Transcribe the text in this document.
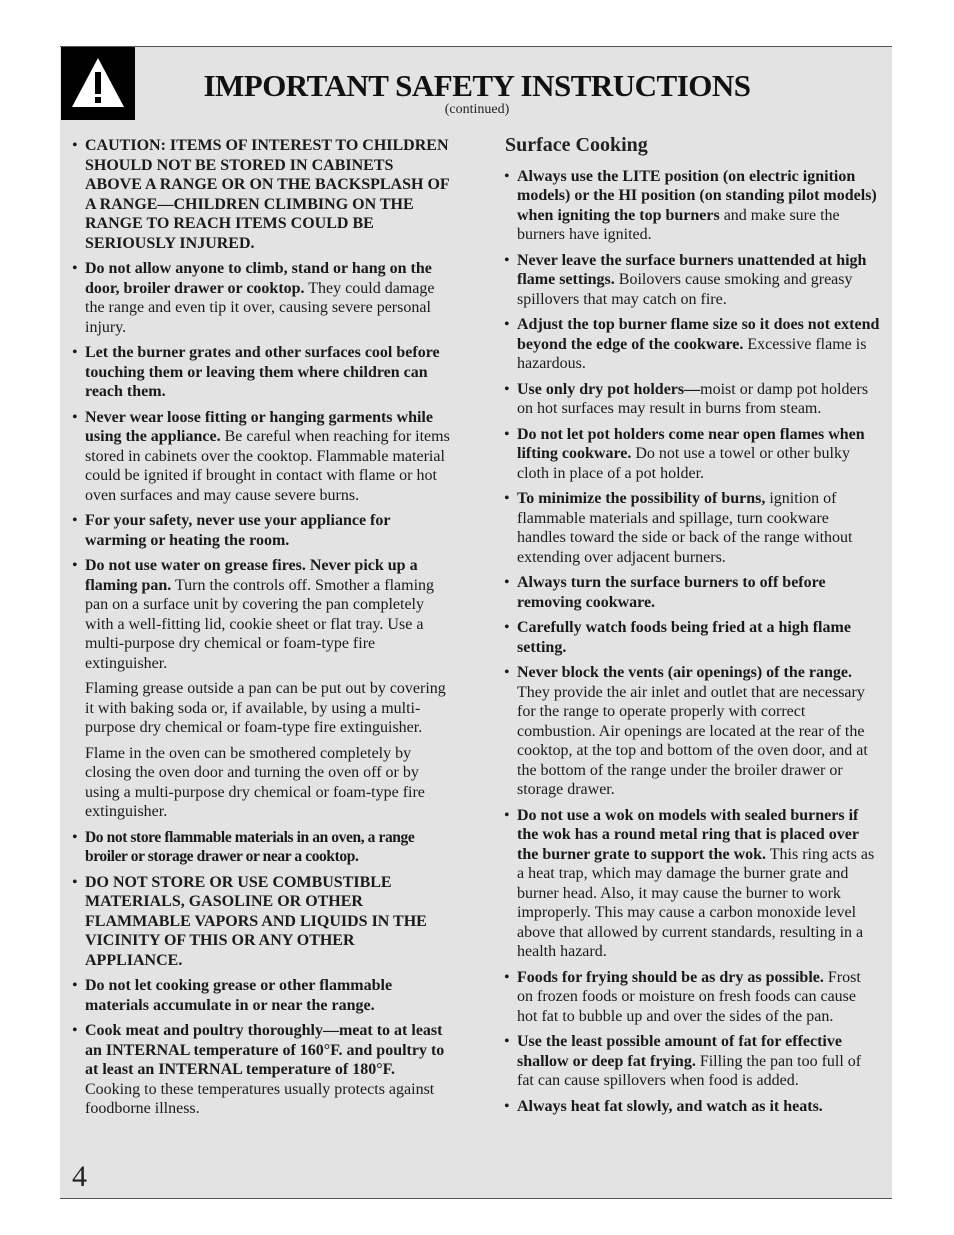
IMPORTANT SAFETY INSTRUCTIONS
(continued)
• CAUTION: ITEMS OF INTEREST TO CHILDREN SHOULD NOT BE STORED IN CABINETS ABOVE A RANGE OR ON THE BACKSPLASH OF A RANGE—CHILDREN CLIMBING ON THE RANGE TO REACH ITEMS COULD BE SERIOUSLY INJURED.
• Do not allow anyone to climb, stand or hang on the door, broiler drawer or cooktop. They could damage the range and even tip it over, causing severe personal injury.
• Let the burner grates and other surfaces cool before touching them or leaving them where children can reach them.
• Never wear loose fitting or hanging garments while using the appliance. Be careful when reaching for items stored in cabinets over the cooktop. Flammable material could be ignited if brought in contact with flame or hot oven surfaces and may cause severe burns.
• For your safety, never use your appliance for warming or heating the room.
• Do not use water on grease fires. Never pick up a flaming pan. Turn the controls off. Smother a flaming pan on a surface unit by covering the pan completely with a well-fitting lid, cookie sheet or flat tray. Use a multi-purpose dry chemical or foam-type fire extinguisher.
Flaming grease outside a pan can be put out by covering it with baking soda or, if available, by using a multi-purpose dry chemical or foam-type fire extinguisher.
Flame in the oven can be smothered completely by closing the oven door and turning the oven off or by using a multi-purpose dry chemical or foam-type fire extinguisher.
• Do not store flammable materials in an oven, a range broiler or storage drawer or near a cooktop.
• DO NOT STORE OR USE COMBUSTIBLE MATERIALS, GASOLINE OR OTHER FLAMMABLE VAPORS AND LIQUIDS IN THE VICINITY OF THIS OR ANY OTHER APPLIANCE.
• Do not let cooking grease or other flammable materials accumulate in or near the range.
• Cook meat and poultry thoroughly—meat to at least an INTERNAL temperature of 160°F. and poultry to at least an INTERNAL temperature of 180°F. Cooking to these temperatures usually protects against foodborne illness.
Surface Cooking
• Always use the LITE position (on electric ignition models) or the HI position (on standing pilot models) when igniting the top burners and make sure the burners have ignited.
• Never leave the surface burners unattended at high flame settings. Boilovers cause smoking and greasy spillovers that may catch on fire.
• Adjust the top burner flame size so it does not extend beyond the edge of the cookware. Excessive flame is hazardous.
• Use only dry pot holders—moist or damp pot holders on hot surfaces may result in burns from steam.
• Do not let pot holders come near open flames when lifting cookware. Do not use a towel or other bulky cloth in place of a pot holder.
• To minimize the possibility of burns, ignition of flammable materials and spillage, turn cookware handles toward the side or back of the range without extending over adjacent burners.
• Always turn the surface burners to off before removing cookware.
• Carefully watch foods being fried at a high flame setting.
• Never block the vents (air openings) of the range. They provide the air inlet and outlet that are necessary for the range to operate properly with correct combustion. Air openings are located at the rear of the cooktop, at the top and bottom of the oven door, and at the bottom of the range under the broiler drawer or storage drawer.
• Do not use a wok on models with sealed burners if the wok has a round metal ring that is placed over the burner grate to support the wok. This ring acts as a heat trap, which may damage the burner grate and burner head. Also, it may cause the burner to work improperly. This may cause a carbon monoxide level above that allowed by current standards, resulting in a health hazard.
• Foods for frying should be as dry as possible. Frost on frozen foods or moisture on fresh foods can cause hot fat to bubble up and over the sides of the pan.
• Use the least possible amount of fat for effective shallow or deep fat frying. Filling the pan too full of fat can cause spillovers when food is added.
• Always heat fat slowly, and watch as it heats.
4
